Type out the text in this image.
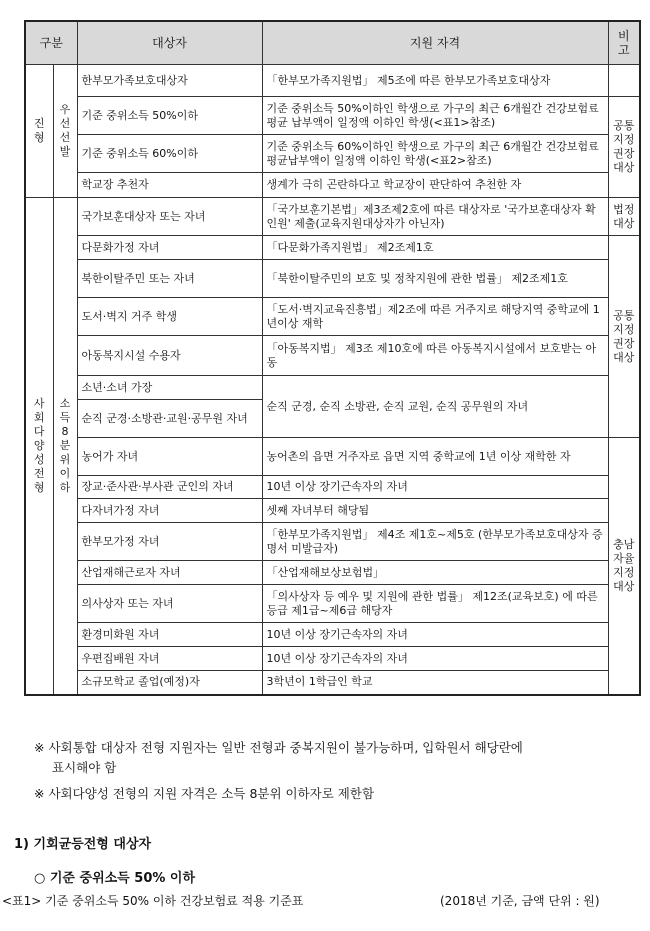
구분		대상자	지원 자격	비고
진형	우선선발	한부모가족보호대상자	「한부모가족지원법」 제5조에 따른 한부모가족보호대상자	
		기준 중위소득 50%이하	기준 중위소득 50%이하인 학생으로 가구의 최근 6개월간 건강보험료 평균 납부액이 일정액 이하인 학생(<표1>참조)	공통지정권장대상
		기준 중위소득 60%이하	기준 중위소득 60%이하인 학생으로 가구의 최근 6개월간 건강보험료 평균납부액이 일정액 이하인 학생(<표2>참조)	
		학교장 추천자	생계가 극히 곤란하다고 학교장이 판단하여 추천한 자	
사회다양성 전형	소득8분위 이하	국가보훈대상자 또는 자녀	「국가보훈기본법」제3조제2호에 따른 대상자로 '국가보훈대상자 확인원' 제출(교육지원대상자가 아닌자)	법정대상
		다문화가정 자녀	「다문화가족지원법」 제2조제1호	공통지정권장대상
		북한이탈주민 또는 자녀	「북한이탈주민의 보호 및 정착지원에 관한 법률」 제2조제1호	
		도서·벽지 거주 학생	「도서·벽지교육진흥법」제2조에 따른 거주지로 해당지역 중학교에 1년이상 재학	
		아동복지시설 수용자	「아동복지법」 제3조 제10호에 따른 아동복지시설에서 보호받는 아동	
		소년·소녀 가장	순직 군경, 순직 소방관, 순직 교원, 순직 공무원의 자녀	
		순직 군경·소방관·교원·공무원 자녀		
		농어가 자녀	농어촌의 읍면 거주자로 읍면 지역 중학교에 1년 이상 재학한 자	충남자율지정대상
		장교·준사관·부사관 군인의 자녀	10년 이상 장기근속자의 자녀	
		다자녀가정 자녀	셋째 자녀부터 해당됨	
		한부모가정 자녀	「한부모가족지원법」 제4조 제1호~제5호 (한부모가족보호대상자 증명서 미발급자)	
		산업재해근로자 자녀	「산업재해보상보험법」	
		의사상자 또는 자녀	「의사상자 등 예우 및 지원에 관한 법률」 제12조(교육보호) 에 따른 등급 제1급~제6급 해당자	
		환경미화원 자녀	10년 이상 장기근속자의 자녀	
		우편집배원 자녀	10년 이상 장기근속자의 자녀	
		소규모학교 졸업(예정)자	3학년이 1학급인 학교	
※ 사회통합 대상자 전형 지원자는 일반 전형과 중복지원이 불가능하며, 입학원서 해당란에
표시해야 함
※ 사회다양성 전형의 지원 자격은 소득 8분위 이하자로 제한함
1) 기회균등전형 대상자
○ 기준 중위소득 50% 이하
<표1> 기준 중위소득 50% 이하 건강보험료 적용 기준표	(2018년 기준, 금액 단위 : 원)
